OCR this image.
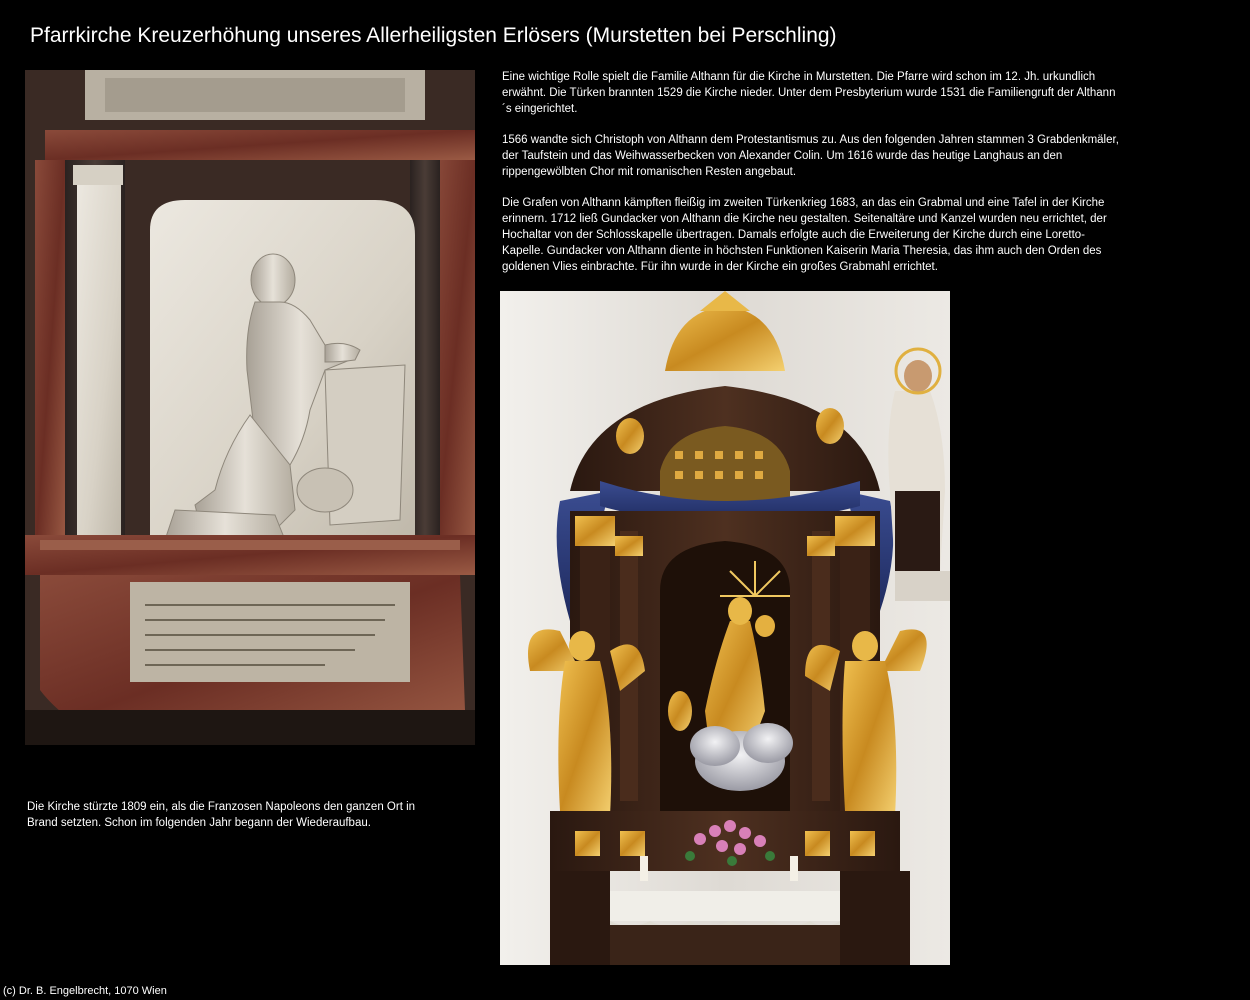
Pfarrkirche Kreuzerhöhung unseres Allerheiligsten Erlösers (Murstetten bei Perschling)

Eine wichtige Rolle spielt die Familie Althann für die Kirche in Murstetten. Die Pfarre wird schon im 12. Jh. urkundlich erwähnt. Die Türken brannten 1529 die Kirche nieder. Unter dem Presbyterium wurde 1531 die Familiengruft der Althann´s eingerichtet.

1566 wandte sich Christoph von Althann dem Protestantismus zu. Aus den folgenden Jahren stammen 3 Grabdenkmäler, der Taufstein und das Weihwasserbecken von Alexander Colin. Um 1616 wurde das heutige Langhaus an den rippengewölbten Chor mit romanischen Resten angebaut.

Die Grafen von Althann kämpften fleißig im zweiten Türkenkrieg 1683, an das ein Grabmal und eine Tafel in der Kirche erinnern. 1712 ließ Gundacker von Althann die Kirche neu gestalten. Seitenaltäre und Kanzel wurden neu errichtet, der Hochaltar von der Schlosskapelle übertragen. Damals erfolgte auch die Erweiterung der Kirche durch eine Loretto-Kapelle. Gundacker von Althann diente in höchsten Funktionen Kaiserin Maria Theresia, das ihm auch den Orden des goldenen Vlies einbrachte. Für ihn wurde in der Kirche ein großes Grabmahl errichtet.

Die Kirche stürzte 1809 ein, als die Franzosen Napoleons den ganzen Ort in Brand setzten. Schon im folgenden Jahr begann der Wiederaufbau.

(c) Dr. B. Engelbrecht, 1070 Wien
